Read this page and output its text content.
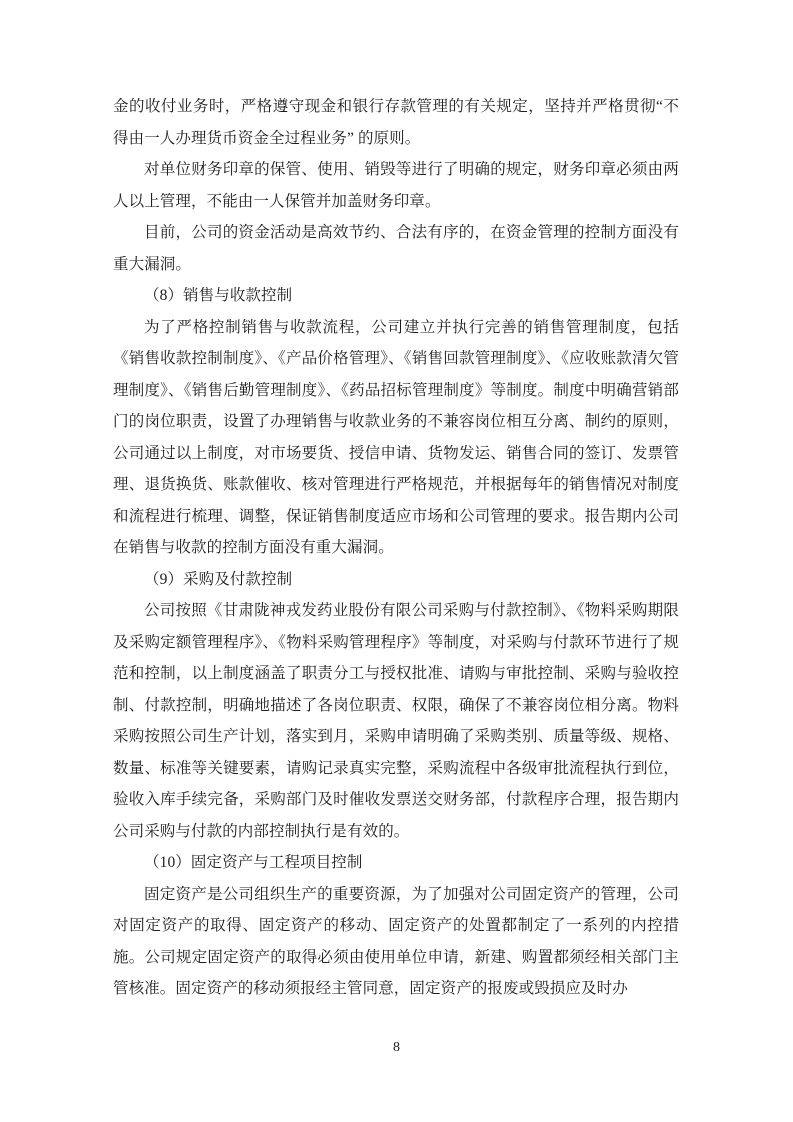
金的收付业务时，严格遵守现金和银行存款管理的有关规定，坚持并严格贯彻“不得由一人办理货币资金全过程业务” 的原则。

对单位财务印章的保管、使用、销毁等进行了明确的规定，财务印章必须由两人以上管理，不能由一人保管并加盖财务印章。

目前，公司的资金活动是高效节约、合法有序的，在资金管理的控制方面没有重大漏洞。

（8）销售与收款控制

为了严格控制销售与收款流程，公司建立并执行完善的销售管理制度，包括《销售收款控制制度》、《产品价格管理》、《销售回款管理制度》、《应收账款清欠管理制度》、《销售后勤管理制度》、《药品招标管理制度》等制度。制度中明确营销部门的岗位职责，设置了办理销售与收款业务的不兼容岗位相互分离、制约的原则，公司通过以上制度，对市场要货、授信申请、货物发运、销售合同的签订、发票管理、退货换货、账款催收、核对管理进行严格规范，并根据每年的销售情况对制度和流程进行梳理、调整，保证销售制度适应市场和公司管理的要求。报告期内公司在销售与收款的控制方面没有重大漏洞。

（9）采购及付款控制

公司按照《甘肃陇神戎发药业股份有限公司采购与付款控制》、《物料采购期限及采购定额管理程序》、《物料采购管理程序》等制度，对采购与付款环节进行了规范和控制，以上制度涵盖了职责分工与授权批准、请购与审批控制、采购与验收控制、付款控制，明确地描述了各岗位职责、权限，确保了不兼容岗位相分离。物料采购按照公司生产计划，落实到月，采购申请明确了采购类别、质量等级、规格、数量、标准等关键要素，请购记录真实完整，采购流程中各级审批流程执行到位，验收入库手续完备，采购部门及时催收发票送交财务部，付款程序合理，报告期内公司采购与付款的内部控制执行是有效的。

（10）固定资产与工程项目控制

固定资产是公司组织生产的重要资源，为了加强对公司固定资产的管理，公司对固定资产的取得、固定资产的移动、固定资产的处置都制定了一系列的内控措施。公司规定固定资产的取得必须由使用单位申请，新建、购置都须经相关部门主管核准。固定资产的移动须报经主管同意，固定资产的报废或毁损应及时办

8
